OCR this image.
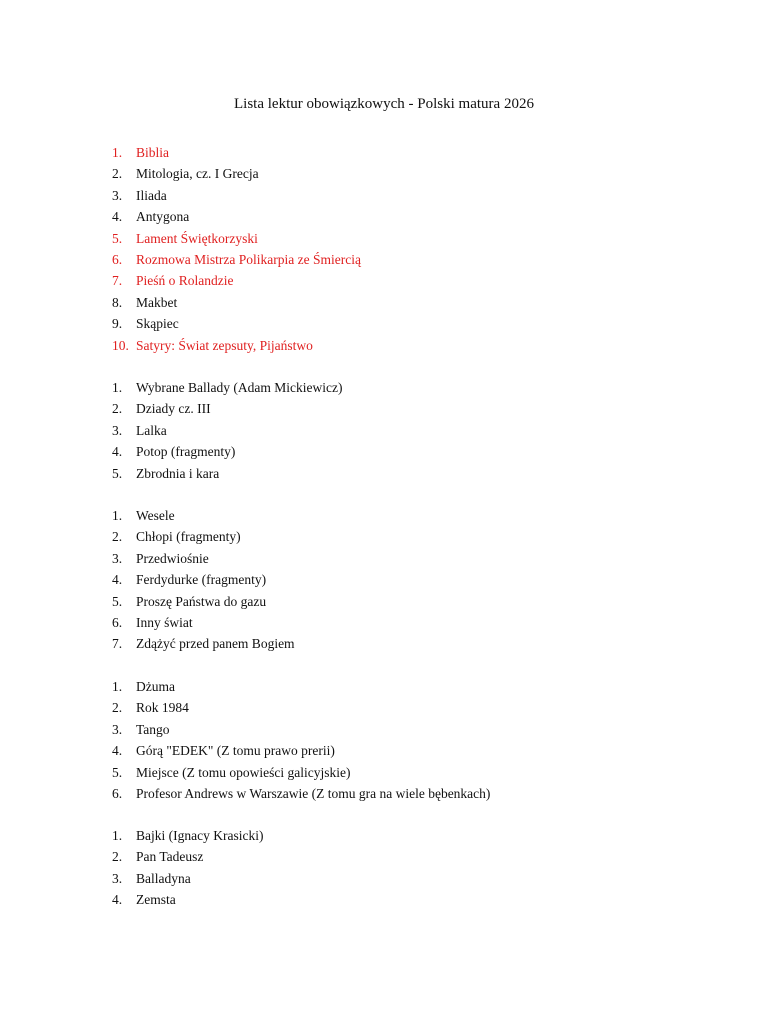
Lista lektur obowiązkowych - Polski matura 2026
1.	Biblia
2.	Mitologia, cz. I Grecja
3.	Iliada
4.	Antygona
5.	Lament Świętkorzyski
6.	Rozmowa Mistrza Polikarpia ze Śmiercią
7.	Pieśń o Rolandzie
8.	Makbet
9.	Skąpiec
10. Satyry: Świat zepsuty, Pijaństwo
1.	Wybrane Ballady (Adam Mickiewicz)
2.	Dziady cz. III
3.	Lalka
4.	Potop (fragmenty)
5.	Zbrodnia i kara
1.	Wesele
2.	Chłopi (fragmenty)
3.	Przedwiośnie
4.	Ferdydurke (fragmenty)
5.	Proszę Państwa do gazu
6.	Inny świat
7.	Zdążyć przed panem Bogiem
1.	Dżuma
2.	Rok 1984
3.	Tango
4.	Górą "EDEK" (Z tomu prawo prerii)
5.	Miejsce (Z tomu opowieści galicyjskie)
6.	Profesor Andrews w Warszawie (Z tomu gra na wiele bębenkach)
1.	Bajki (Ignacy Krasicki)
2.	Pan Tadeusz
3.	Balladyna
4.	Zemsta
